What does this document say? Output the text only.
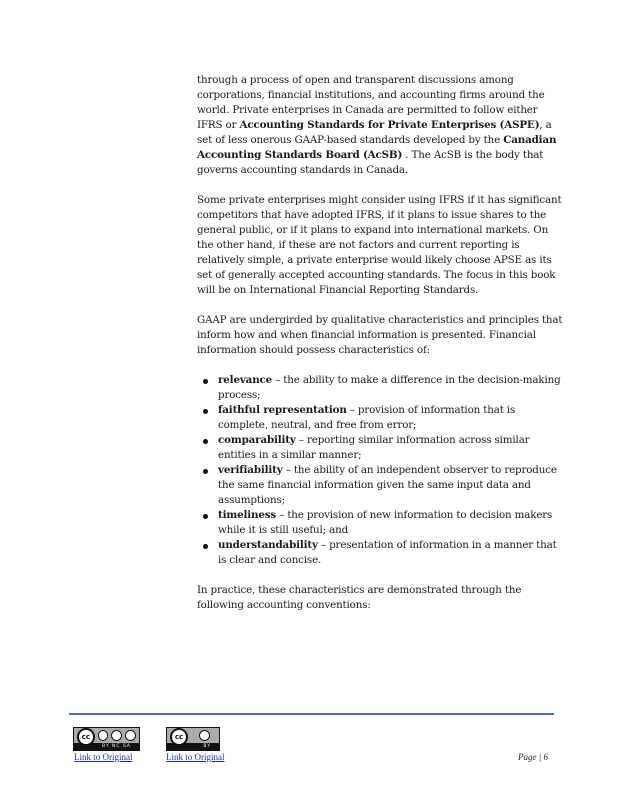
through a process of open and transparent discussions among corporations, financial institutions, and accounting firms around the world. Private enterprises in Canada are permitted to follow either IFRS or Accounting Standards for Private Enterprises (ASPE), a set of less onerous GAAP-based standards developed by the Canadian Accounting Standards Board (AcSB) . The AcSB is the body that governs accounting standards in Canada.

Some private enterprises might consider using IFRS if it has significant competitors that have adopted IFRS, if it plans to issue shares to the general public, or if it plans to expand into international markets. On the other hand, if these are not factors and current reporting is relatively simple, a private enterprise would likely choose APSE as its set of generally accepted accounting standards. The focus in this book will be on International Financial Reporting Standards.

GAAP are undergirded by qualitative characteristics and principles that inform how and when financial information is presented. Financial information should possess characteristics of:

relevance – the ability to make a difference in the decision-making process;
faithful representation – provision of information that is complete, neutral, and free from error;
comparability – reporting similar information across similar entities in a similar manner;
verifiability – the ability of an independent observer to reproduce the same financial information given the same input data and assumptions;
timeliness – the provision of new information to decision makers while it is still useful; and
understandability – presentation of information in a manner that is clear and concise.

In practice, these characteristics are demonstrated through the following accounting conventions:

cc
BY NC SA
cc
BY
Link to Original	Link to Original	Page | 6
